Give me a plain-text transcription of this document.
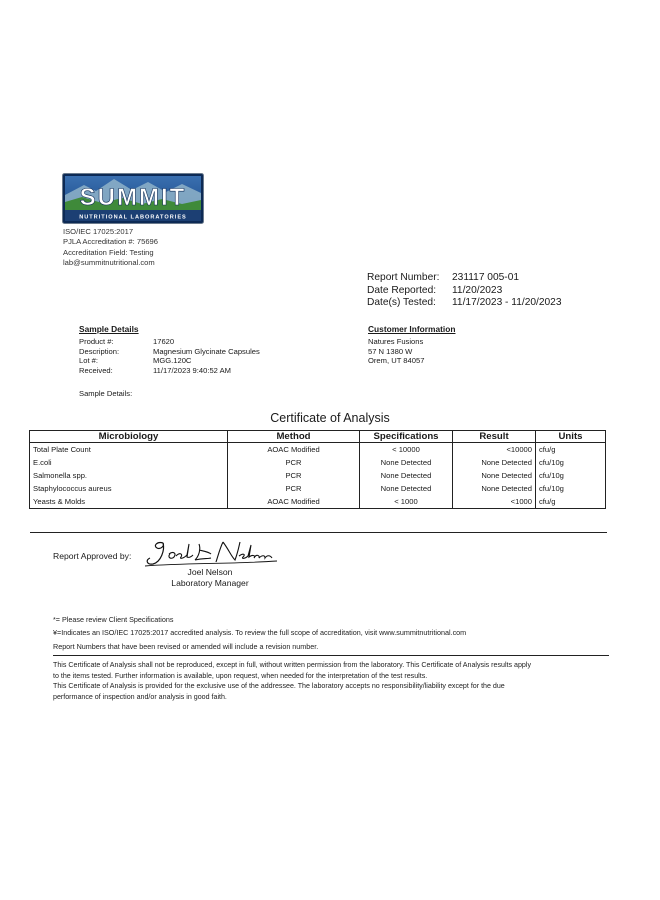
SUMMIT
NUTRITIONAL LABORATORIES
ISO/IEC 17025:2017
PJLA Accreditation #: 75696
Accreditation Field: Testing
lab@summitnutritional.com
Report Number:	231117 005-01
Date Reported:	11/20/2023
Date(s) Tested:	11/17/2023 - 11/20/2023
Sample Details
Product #:	17620
Description:	Magnesium Glycinate Capsules
Lot #:	MGG.120C
Received:	11/17/2023 9:40:52 AM
Sample Details:
Customer Information
Natures Fusions
57 N 1380 W
Orem, UT 84057
Certificate of Analysis
Microbiology	Method	Specifications	Result	Units
Total Plate Count	AOAC Modified	< 10000	<10000	cfu/g
E.coli	PCR	None Detected	None Detected	cfu/10g
Salmonella spp.	PCR	None Detected	None Detected	cfu/10g
Staphylococcus aureus	PCR	None Detected	None Detected	cfu/10g
Yeasts & Molds	AOAC Modified	< 1000	<1000	cfu/g
Report Approved by:
Joel Nelson
Laboratory Manager
*= Please review Client Specifications
¥=Indicates an ISO/IEC 17025:2017 accredited analysis. To review the full scope of accreditation, visit www.summitnutritional.com
Report Numbers that have been revised or amended will include a revision number.
This Certificate of Analysis shall not be reproduced, except in full, without written permission from the laboratory. This Certificate of Analysis results apply
to the items tested. Further information is available, upon request, when needed for the interpretation of the test results.
This Certificate of Analysis is provided for the exclusive use of the addressee. The laboratory accepts no responsibility/liability except for the due
performance of inspection and/or analysis in good faith.
